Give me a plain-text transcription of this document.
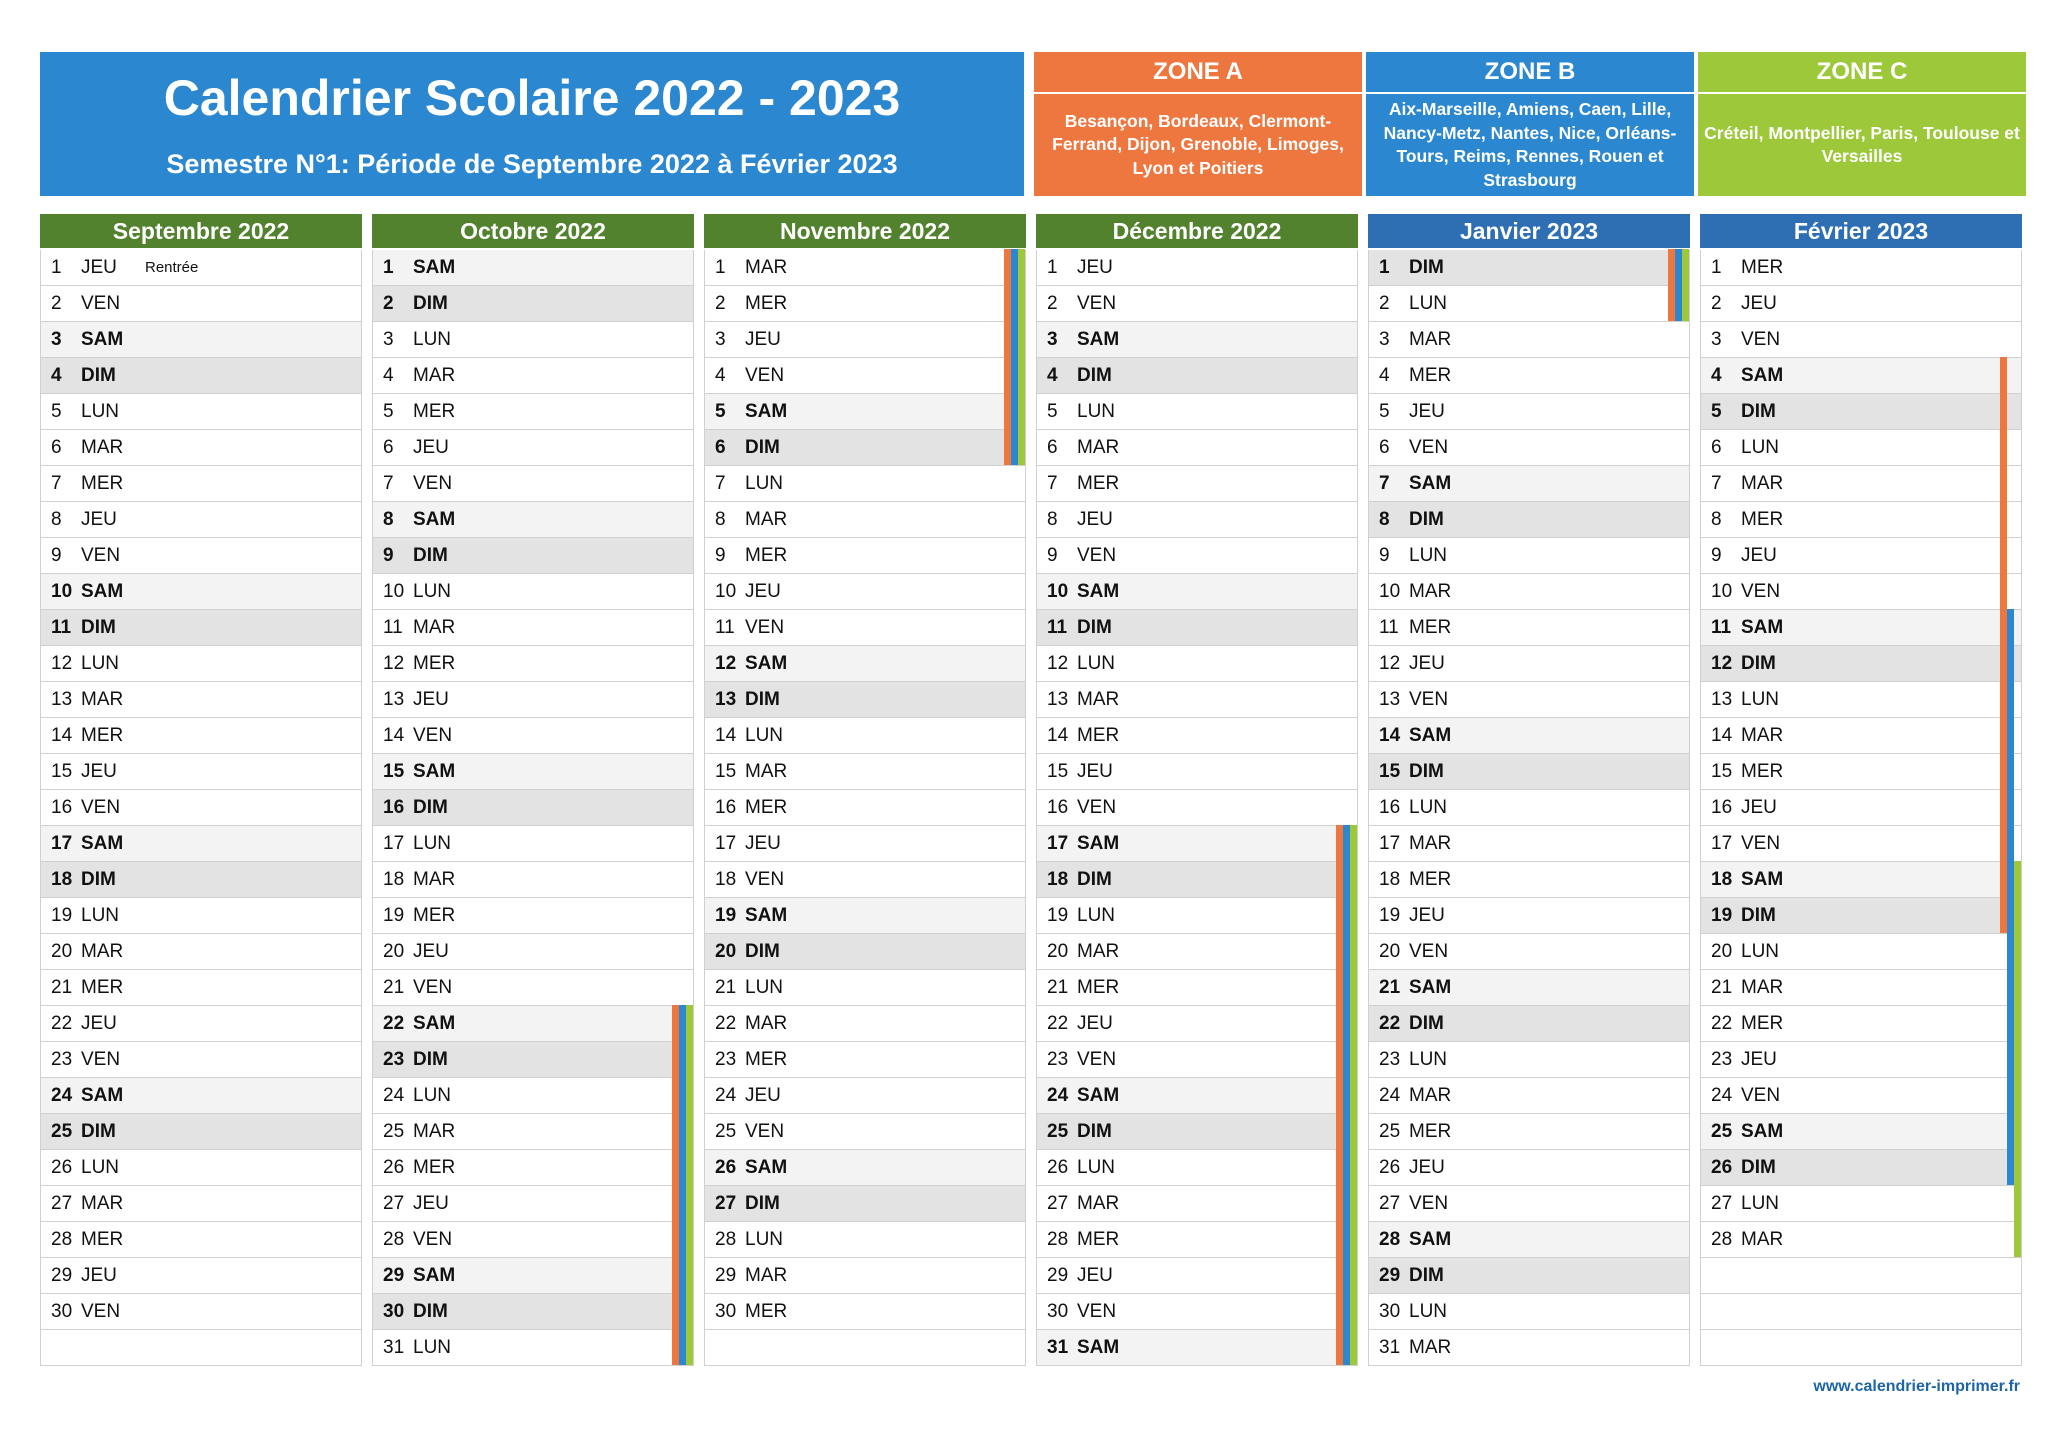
Calendrier Scolaire 2022 - 2023
Semestre N°1: Période de Septembre 2022 à Février 2023
ZONE A
Besançon, Bordeaux, Clermont-Ferrand, Dijon, Grenoble, Limoges, Lyon et Poitiers
ZONE B
Aix-Marseille, Amiens, Caen, Lille, Nancy-Metz, Nantes, Nice, Orléans-Tours, Reims, Rennes, Rouen et Strasbourg
ZONE C
Créteil, Montpellier, Paris, Toulouse et Versailles
Septembre 2022
1 JEU Rentrée
2 VEN
3 SAM
4 DIM
5 LUN
6 MAR
7 MER
8 JEU
9 VEN
10 SAM
11 DIM
12 LUN
13 MAR
14 MER
15 JEU
16 VEN
17 SAM
18 DIM
19 LUN
20 MAR
21 MER
22 JEU
23 VEN
24 SAM
25 DIM
26 LUN
27 MAR
28 MER
29 JEU
30 VEN
Octobre 2022
1 SAM
2 DIM
3 LUN
4 MAR
5 MER
6 JEU
7 VEN
8 SAM
9 DIM
10 LUN
11 MAR
12 MER
13 JEU
14 VEN
15 SAM
16 DIM
17 LUN
18 MAR
19 MER
20 JEU
21 VEN
22 SAM
23 DIM
24 LUN
25 MAR
26 MER
27 JEU
28 VEN
29 SAM
30 DIM
31 LUN
Novembre 2022
1 MAR
2 MER
3 JEU
4 VEN
5 SAM
6 DIM
7 LUN
8 MAR
9 MER
10 JEU
11 VEN
12 SAM
13 DIM
14 LUN
15 MAR
16 MER
17 JEU
18 VEN
19 SAM
20 DIM
21 LUN
22 MAR
23 MER
24 JEU
25 VEN
26 SAM
27 DIM
28 LUN
29 MAR
30 MER
Décembre 2022
1 JEU
2 VEN
3 SAM
4 DIM
5 LUN
6 MAR
7 MER
8 JEU
9 VEN
10 SAM
11 DIM
12 LUN
13 MAR
14 MER
15 JEU
16 VEN
17 SAM
18 DIM
19 LUN
20 MAR
21 MER
22 JEU
23 VEN
24 SAM
25 DIM
26 LUN
27 MAR
28 MER
29 JEU
30 VEN
31 SAM
Janvier 2023
1 DIM
2 LUN
3 MAR
4 MER
5 JEU
6 VEN
7 SAM
8 DIM
9 LUN
10 MAR
11 MER
12 JEU
13 VEN
14 SAM
15 DIM
16 LUN
17 MAR
18 MER
19 JEU
20 VEN
21 SAM
22 DIM
23 LUN
24 MAR
25 MER
26 JEU
27 VEN
28 SAM
29 DIM
30 LUN
31 MAR
Février 2023
1 MER
2 JEU
3 VEN
4 SAM
5 DIM
6 LUN
7 MAR
8 MER
9 JEU
10 VEN
11 SAM
12 DIM
13 LUN
14 MAR
15 MER
16 JEU
17 VEN
18 SAM
19 DIM
20 LUN
21 MAR
22 MER
23 JEU
24 VEN
25 SAM
26 DIM
27 LUN
28 MAR
www.calendrier-imprimer.fr
